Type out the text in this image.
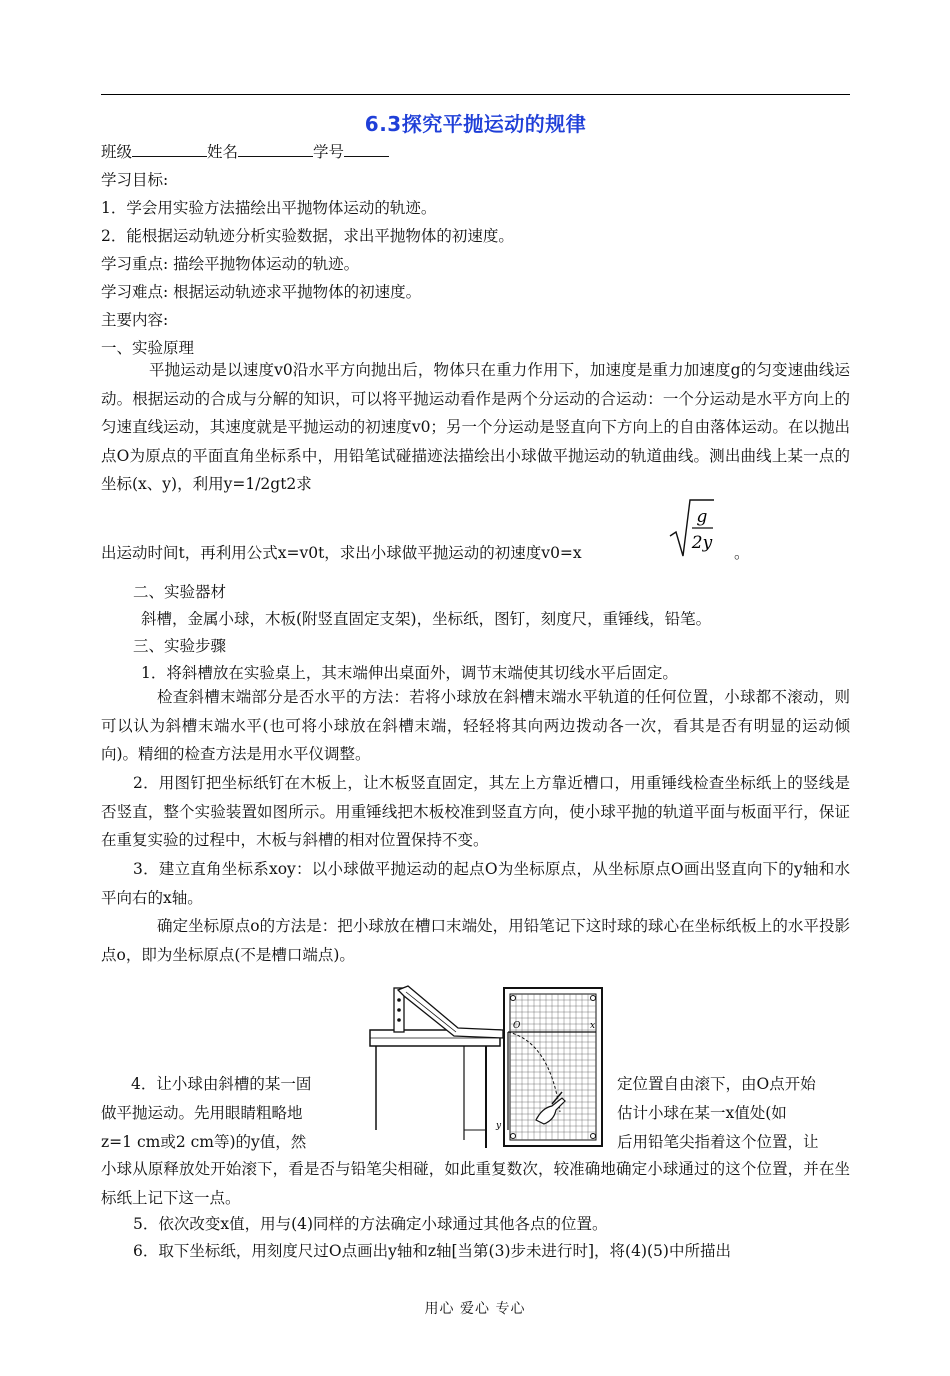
6.3探究平抛运动的规律
班级	姓名	学号
学习目标:
1．学会用实验方法描绘出平抛物体运动的轨迹。
2．能根据运动轨迹分析实验数据，求出平抛物体的初速度。
学习重点: 描绘平抛物体运动的轨迹。
学习难点: 根据运动轨迹求平抛物体的初速度。
主要内容:
一、实验原理

平抛运动是以速度v0沿水平方向抛出后，物体只在重力作用下，加速度是重力加速度g的匀变速曲线运动。根据运动的合成与分解的知识，可以将平抛运动看作是两个分运动的合运动：一个分运动是水平方向上的匀速直线运动，其速度就是平抛运动的初速度v0；另一个分运动是竖直向下方向上的自由落体运动。在以抛出点O为原点的平面直角坐标系中，用铅笔试碰描迹法描绘出小球做平抛运动的轨道曲线。测出曲线上某一点的坐标(x、y)，利用y=1/2gt2求

出运动时间t，再利用公式x=v0t，求出小球做平抛运动的初速度v0=x
g
2y 。
二、实验器材
斜槽，金属小球，木板(附竖直固定支架)，坐标纸，图钉，刻度尺，重锤线，铅笔。
三、实验步骤
1．将斜槽放在实验桌上，其末端伸出桌面外，调节末端使其切线水平后固定。

检查斜槽末端部分是否水平的方法：若将小球放在斜槽末端水平轨道的任何位置，小球都不滚动，则可以认为斜槽末端水平(也可将小球放在斜槽末端，轻轻将其向两边拨动各一次，看其是否有明显的运动倾向)。精细的检查方法是用水平仪调整。

2．用图钉把坐标纸钉在木板上，让木板竖直固定，其左上方靠近槽口，用重锤线检查坐标纸上的竖线是否竖直，整个实验装置如图所示。用重锤线把木板校准到竖直方向，使小球平抛的轨道平面与板面平行，保证在重复实验的过程中，木板与斜槽的相对位置保持不变。

3．建立直角坐标系xoy：以小球做平抛运动的起点O为坐标原点，从坐标原点O画出竖直向下的y轴和水平向右的x轴。

确定坐标原点o的方法是：把小球放在槽口末端处，用铅笔记下这时球的球心在坐标纸板上的水平投影点o，即为坐标原点(不是槽口端点)。

O	x
y
4．让小球由斜槽的某一固
做平抛运动。先用眼睛粗略地
z=1 cm或2 cm等)的y值，然
定位置自由滚下，由O点开始
估计小球在某一x值处(如
后用铅笔尖指着这个位置，让

小球从原释放处开始滚下，看是否与铅笔尖相碰，如此重复数次，较准确地确定小球通过的这个位置，并在坐标纸上记下这一点。

5．依次改变x值，用与(4)同样的方法确定小球通过其他各点的位置。
6．取下坐标纸，用刻度尺过O点画出y轴和z轴[当第(3)步未进行时]，将(4)(5)中所描出
用心 爱心 专心
